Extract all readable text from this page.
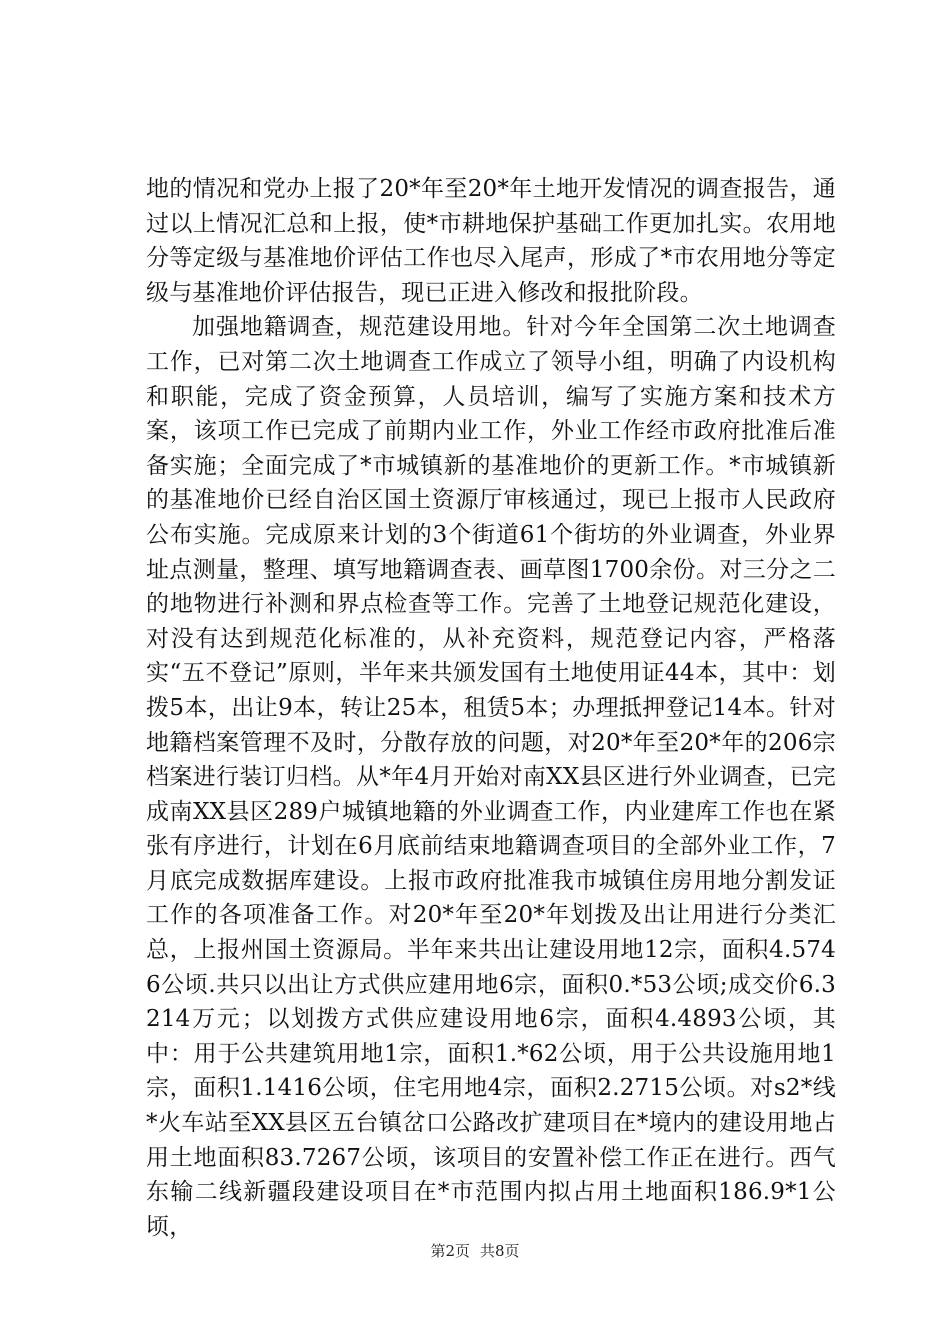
地的情况和党办上报了20*年至20*年土地开发情况的调查报告，通过以上情况汇总和上报，使*市耕地保护基础工作更加扎实。农用地分等定级与基准地价评估工作也尽入尾声，形成了*市农用地分等定级与基准地价评估报告，现已正进入修改和报批阶段。

加强地籍调查，规范建设用地。针对今年全国第二次土地调查工作，已对第二次土地调查工作成立了领导小组，明确了内设机构和职能，完成了资金预算，人员培训，编写了实施方案和技术方案，该项工作已完成了前期内业工作，外业工作经市政府批准后准备实施；全面完成了*市城镇新的基准地价的更新工作。*市城镇新的基准地价已经自治区国土资源厅审核通过，现已上报市人民政府公布实施。完成原来计划的3个街道61个街坊的外业调查，外业界址点测量，整理、填写地籍调查表、画草图1700余份。对三分之二的地物进行补测和界点检查等工作。完善了土地登记规范化建设，对没有达到规范化标准的，从补充资料，规范登记内容，严格落实“五不登记”原则，半年来共颁发国有土地使用证44本，其中：划拨5本，出让9本，转让25本，租赁5本；办理抵押登记14本。针对地籍档案管理不及时，分散存放的问题，对20*年至20*年的206宗档案进行装订归档。从*年4月开始对南XX县区进行外业调查，已完成南XX县区289户城镇地籍的外业调查工作，内业建库工作也在紧张有序进行，计划在6月底前结束地籍调查项目的全部外业工作，7月底完成数据库建设。上报市政府批准我市城镇住房用地分割发证工作的各项准备工作。对20*年至20*年划拨及出让用进行分类汇总，上报州国土资源局。半年来共出让建设用地12宗，面积4.5746公顷.共只以出让方式供应建用地6宗，面积0.*53公顷;成交价6.3214万元；以划拨方式供应建设用地6宗，面积4.4893公顷，其中：用于公共建筑用地1宗，面积1.*62公顷，用于公共设施用地1宗，面积1.1416公顷，住宅用地4宗，面积2.2715公顷。对s2*线*火车站至XX县区五台镇岔口公路改扩建项目在*境内的建设用地占用土地面积83.7267公顷，该项目的安置补偿工作正在进行。西气东输二线新疆段建设项目在*市范围内拟占用土地面积186.9*1公顷，

第2页 共8页
